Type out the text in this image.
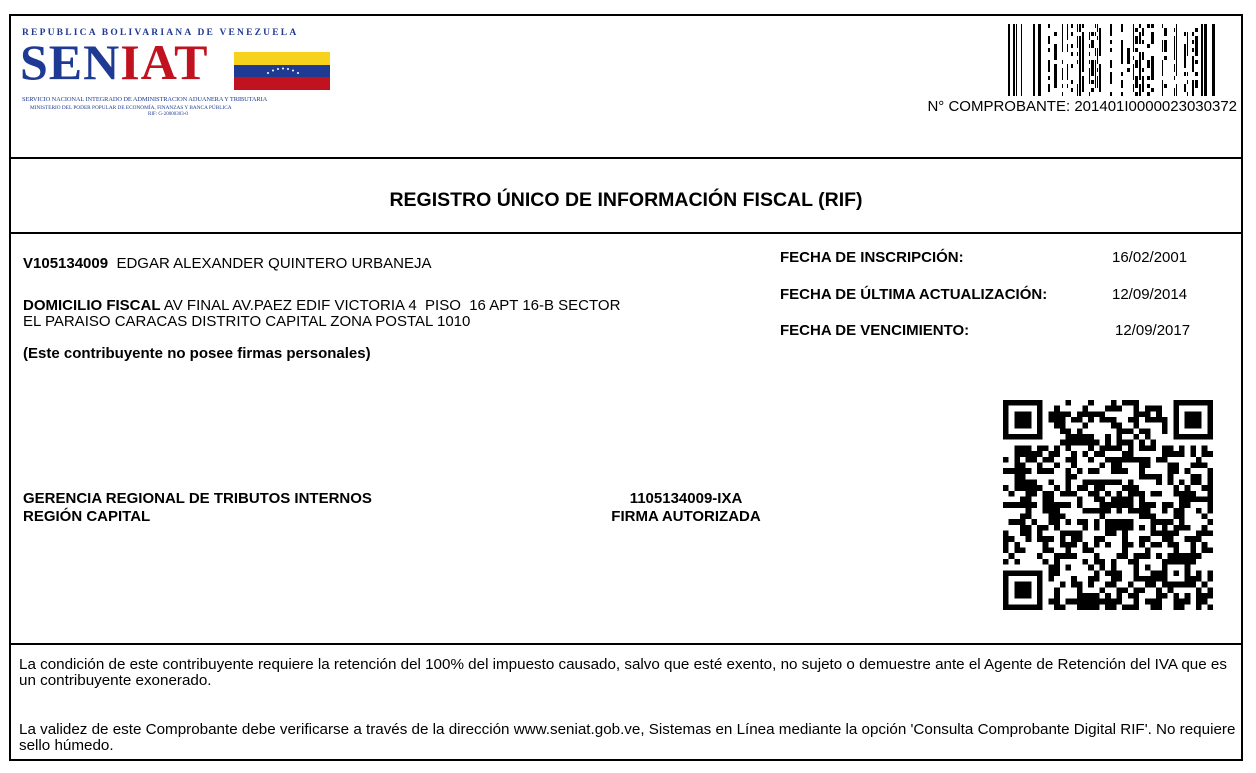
REPUBLICA BOLIVARIANA DE VENEZUELA
SENIAT
SERVICIO NACIONAL INTEGRADO DE ADMINISTRACION ADUANERA Y TRIBUTARIA
MINISTERIO DEL PODER POPULAR DE ECONOMÍA, FINANZAS Y BANCA PÚBLICA
RIF: G-20000303-0	N° COMPROBANTE: 201401I0000023030372
REGISTRO ÚNICO DE INFORMACIÓN FISCAL (RIF)
V105134009 EDGAR ALEXANDER QUINTERO URBANEJA
DOMICILIO FISCAL AV FINAL AV.PAEZ EDIF VICTORIA 4  PISO  16 APT 16-B SECTOR
EL PARAISO CARACAS DISTRITO CAPITAL ZONA POSTAL 1010
(Este contribuyente no posee firmas personales)
FECHA DE INSCRIPCIÓN:	16/02/2001
FECHA DE ÚLTIMA ACTUALIZACIÓN:	12/09/2014
FECHA DE VENCIMIENTO:	12/09/2017
GERENCIA REGIONAL DE TRIBUTOS INTERNOS
REGIÓN CAPITAL
1105134009-IXA
FIRMA AUTORIZADA
La condición de este contribuyente requiere la retención del 100% del impuesto causado, salvo que esté exento, no sujeto o demuestre ante el Agente de Retención del IVA que es un contribuyente exonerado.
La validez de este Comprobante debe verificarse a través de la dirección www.seniat.gob.ve, Sistemas en Línea mediante la opción 'Consulta Comprobante Digital RIF'. No requiere sello húmedo.
